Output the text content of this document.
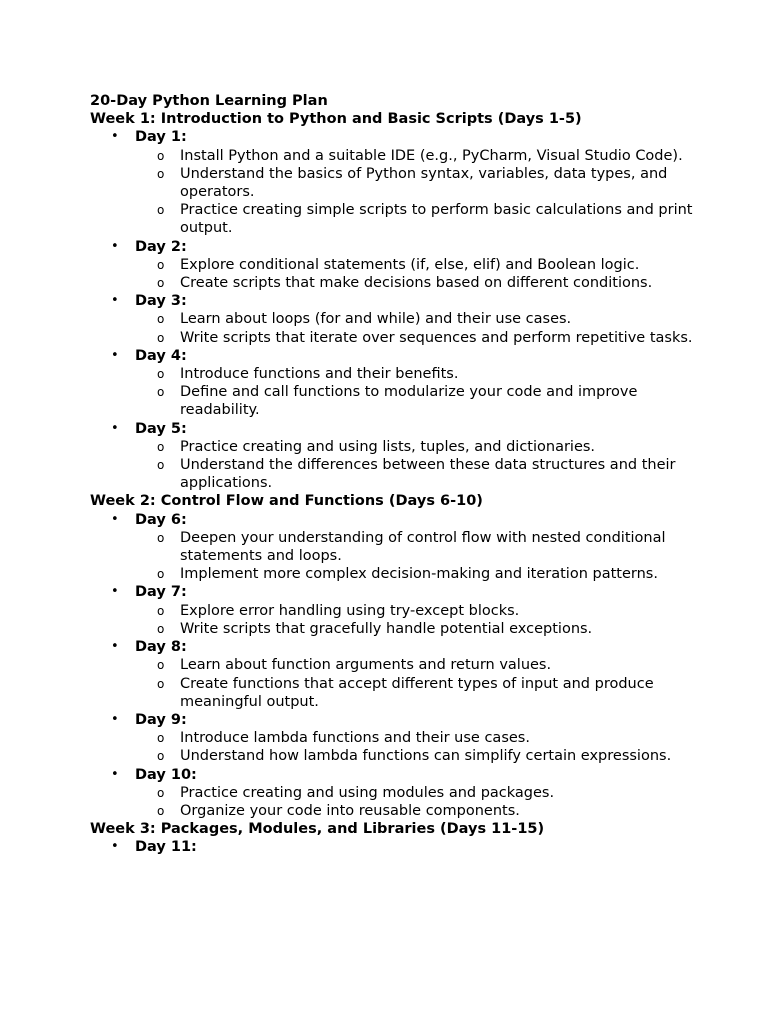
20-Day Python Learning Plan
Week 1: Introduction to Python and Basic Scripts (Days 1-5)
• Day 1:
o Install Python and a suitable IDE (e.g., PyCharm, Visual Studio Code).
o Understand the basics of Python syntax, variables, data types, and operators.
o Practice creating simple scripts to perform basic calculations and print output.
• Day 2:
o Explore conditional statements (if, else, elif) and Boolean logic.
o Create scripts that make decisions based on different conditions.
• Day 3:
o Learn about loops (for and while) and their use cases.
o Write scripts that iterate over sequences and perform repetitive tasks.
• Day 4:
o Introduce functions and their benefits.
o Define and call functions to modularize your code and improve readability.
• Day 5:
o Practice creating and using lists, tuples, and dictionaries.
o Understand the differences between these data structures and their applications.
Week 2: Control Flow and Functions (Days 6-10)
• Day 6:
o Deepen your understanding of control flow with nested conditional statements and loops.
o Implement more complex decision-making and iteration patterns.
• Day 7:
o Explore error handling using try-except blocks.
o Write scripts that gracefully handle potential exceptions.
• Day 8:
o Learn about function arguments and return values.
o Create functions that accept different types of input and produce meaningful output.
• Day 9:
o Introduce lambda functions and their use cases.
o Understand how lambda functions can simplify certain expressions.
• Day 10:
o Practice creating and using modules and packages.
o Organize your code into reusable components.
Week 3: Packages, Modules, and Libraries (Days 11-15)
• Day 11:
